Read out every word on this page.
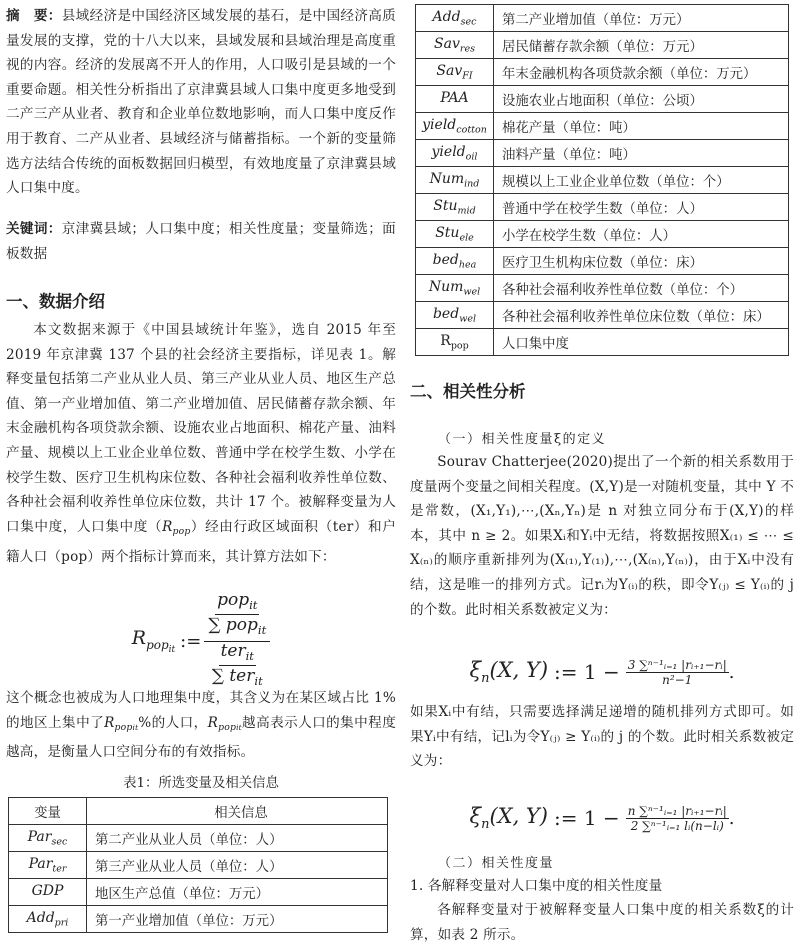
摘　要：县域经济是中国经济区域发展的基石，是中国经济高质量发展的支撑，党的十八大以来，县域发展和县域治理是高度重视的内容。经济的发展离不开人的作用，人口吸引是县域的一个重要命题。相关性分析指出了京津冀县域人口集中度更多地受到二产三产从业者、教育和企业单位数地影响，而人口集中度反作用于教育、二产从业者、县域经济与储蓄指标。一个新的变量筛选方法结合传统的面板数据回归模型，有效地度量了京津冀县域人口集中度。

关键词：京津冀县域；人口集中度；相关性度量；变量筛选；面板数据

一、数据介绍

本文数据来源于《中国县域统计年鉴》，选自 2015 年至 2019 年京津冀 137 个县的社会经济主要指标，详见表 1。解释变量包括第二产业从业人员、第三产业从业人员、地区生产总值、第一产业增加值、第二产业增加值、居民储蓄存款余额、年末金融机构各项贷款余额、设施农业占地面积、棉花产量、油料产量、规模以上工业企业单位数、普通中学在校学生数、小学在校学生数、医疗卫生机构床位数、各种社会福利收养性单位数、各种社会福利收养性单位床位数，共计 17 个。被解释变量为人口集中度，人口集中度$(R_{pop})$经由行政区域面积（ter）和户籍人口（pop）两个指标计算而来，其计算方法如下：

$R_{pop_{it}}$ := $\frac{\frac{pop_{it}}{\sum pop_{it}}}{\frac{ter_{it}}{\sum ter_{it}}}$

这个概念也被成为人口地理集中度，其含义为在某区域占比 1%的地区上集中了$R_{popit}\%$的人口，$R_{popit}$越高表示人口的集中程度越高，是衡量人口空间分布的有效指标。

表1：所选变量及相关信息
变量	相关信息
Par$_{sec}$	第二产业从业人员（单位：人）
Par$_{ter}$	第三产业从业人员（单位：人）
GDP	地区生产总值（单位：万元）
Add$_{pri}$	第一产业增加值（单位：万元）
Add$_{sec}$	第二产业增加值（单位：万元）
Sav$_{res}$	居民储蓄存款余额（单位：万元）
Sav$_{FI}$	年末金融机构各项贷款余额（单位：万元）
PAA	设施农业占地面积（单位：公顷）
yield$_{cotton}$	棉花产量（单位：吨）
yield$_{oil}$	油料产量（单位：吨）
Num$_{ind}$	规模以上工业企业单位数（单位：个）
Stu$_{mid}$	普通中学在校学生数（单位：人）
Stu$_{ele}$	小学在校学生数（单位：人）
bed$_{hea}$	医疗卫生机构床位数（单位：床）
Num$_{wel}$	各种社会福利收养性单位数（单位：个）
bed$_{wel}$	各种社会福利收养性单位床位数（单位：床）
$R_{pop}$	人口集中度
二、相关性分析
（一）相关性度量ξ的定义

Sourav Chatterjee(2020)提出了一个新的相关系数用于度量两个变量之间相关程度。(X,Y)是一对随机变量，其中 Y 不是常数，(X₁,Y₁),⋯,(Xₙ,Yₙ)是 n 对独立同分布于(X,Y)的样本，其中 n ≥ 2。如果Xᵢ和Yᵢ中无结，将数据按照X₍₁₎ ≤ ⋯ ≤ X₍ₙ₎的顺序重新排列为(X₍₁₎,Y₍₁₎),⋯,(X₍ₙ₎,Y₍ₙ₎)，由于Xᵢ中没有结，这是唯一的排列方式。记rᵢ为Y₍ᵢ₎的秩，即令Y₍ⱼ₎ ≤ Y₍ᵢ₎的 j 的个数。此时相关系数被定义为：

$\xi_n(X$, Y) := $1 - \frac{\text{3 ∑ⁿ⁻¹ᵢ₌₁ |rᵢ₊₁−rᵢ|}}{\text{n²−1}}$ .

如果Xᵢ中有结，只需要选择满足递增的随机排列方式即可。如果Yᵢ中有结，记lᵢ为令Y₍ⱼ₎ ≥ Y₍ᵢ₎的 j 的个数。此时相关系数被定义为：

$\xi_n(X$, Y) := $1 - \frac{\text{n ∑ⁿ⁻¹ᵢ₌₁ |rᵢ₊₁−rᵢ|}}{\text{2 ∑ⁿ⁻¹ᵢ₌₁ lᵢ(n−lᵢ)}}$ .
（二）相关性度量

1. 各解释变量对人口集中度的相关性度量

各解释变量对于被解释变量人口集中度的相关系数ξ的计算，如表 2 所示。
